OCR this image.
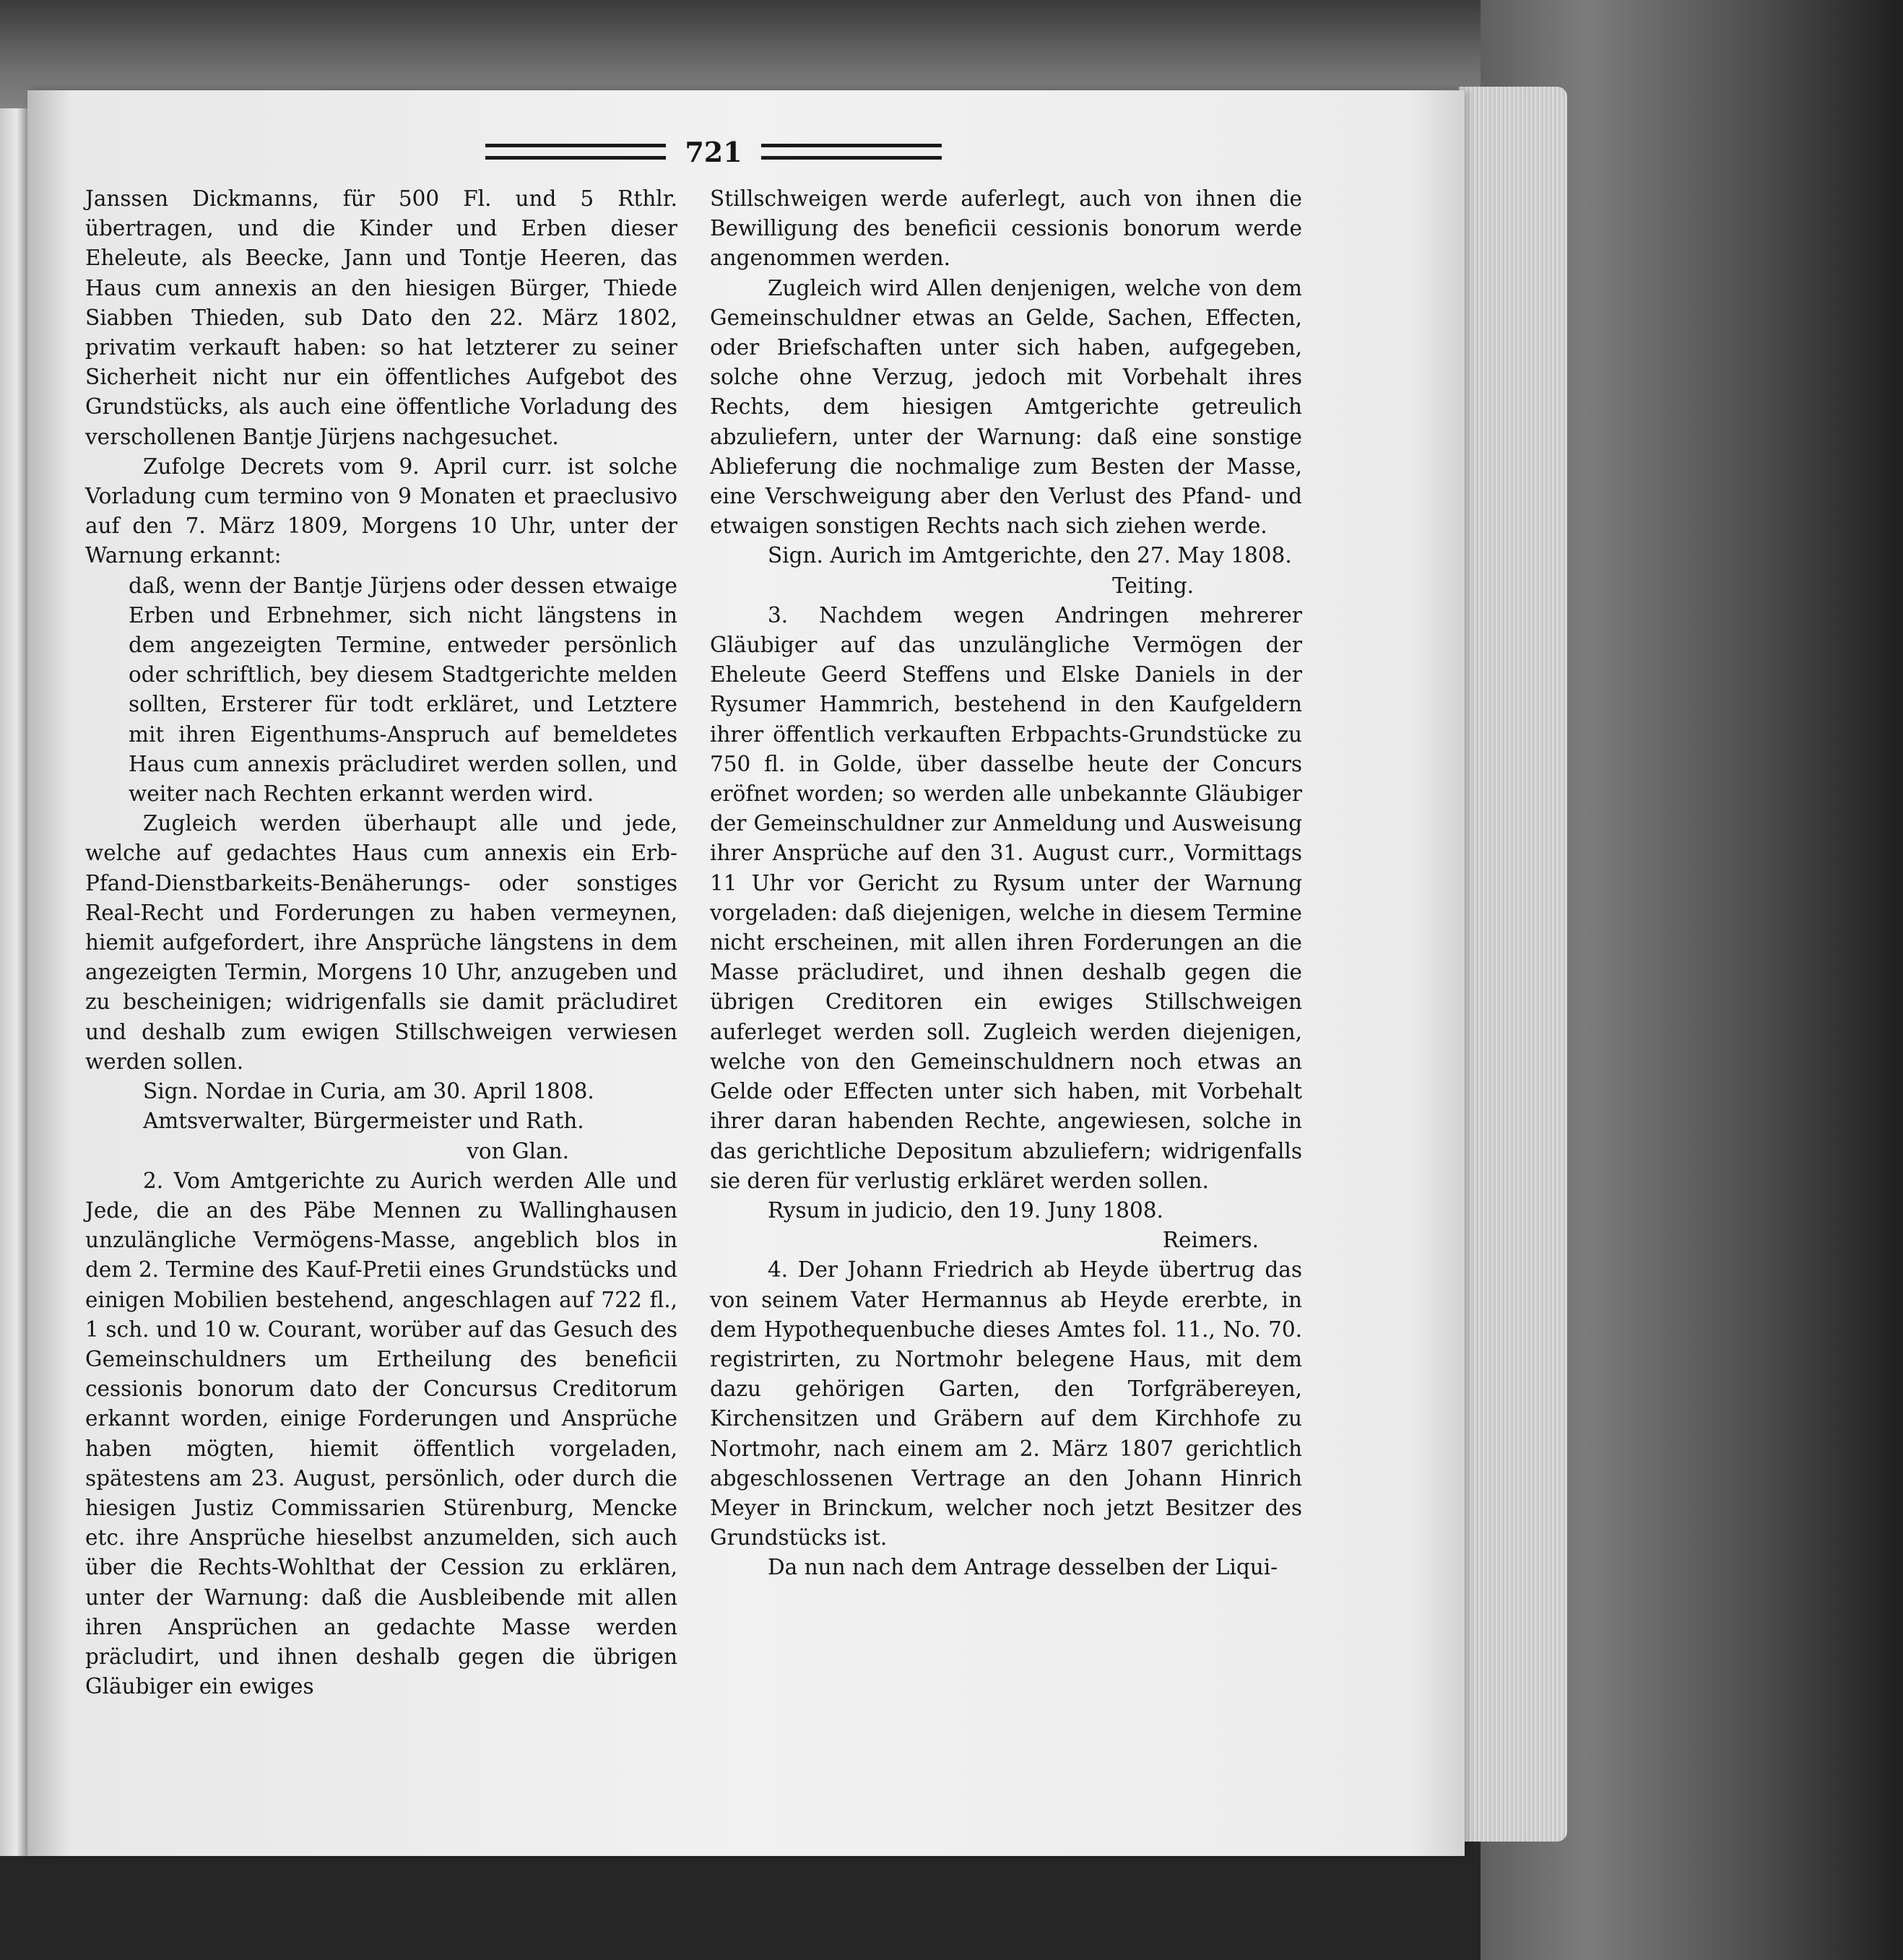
721

Janssen Dickmanns, für 500 Fl. und 5 Rthlr. übertragen, und die Kinder und Erben dieser Eheleute, als Beecke, Jann und Tontje Heeren, das Haus cum annexis an den hiesigen Bürger, Thiede Siabben Thieden, sub Dato den 22. März 1802, privatim verkauft haben: so hat letzterer zu seiner Sicherheit nicht nur ein öffentliches Aufgebot des Grundstücks, als auch eine öffentliche Vorladung des verschollenen Bantje Jürjens nachgesuchet.

Zufolge Decrets vom 9. April curr. ist solche Vorladung cum termino von 9 Monaten et praeclusivo auf den 7. März 1809, Morgens 10 Uhr, unter der Warnung erkannt:

daß, wenn der Bantje Jürjens oder dessen etwaige Erben und Erbnehmer, sich nicht längstens in dem angezeigten Termine, entweder persönlich oder schriftlich, bey diesem Stadtgerichte melden sollten, Ersterer für todt erkläret, und Letztere mit ihren Eigenthums-Anspruch auf bemeldetes Haus cum annexis präcludiret werden sollen, und weiter nach Rechten erkannt werden wird.

Zugleich werden überhaupt alle und jede, welche auf gedachtes Haus cum annexis ein Erb-Pfand-Dienstbarkeits-Benäherungs- oder sonstiges Real-Recht und Forderungen zu haben vermeynen, hiemit aufgefordert, ihre Ansprüche längstens in dem angezeigten Termin, Morgens 10 Uhr, anzugeben und zu bescheinigen; widrigenfalls sie damit präcludiret und deshalb zum ewigen Stillschweigen verwiesen werden sollen.

Sign. Nordae in Curia, am 30. April 1808.

Amtsverwalter, Bürgermeister und Rath.

von Glan.

2. Vom Amtgerichte zu Aurich werden Alle und Jede, die an des Päbe Mennen zu Wallinghausen unzulängliche Vermögens-Masse, angeblich blos in dem 2. Termine des Kauf-Pretii eines Grundstücks und einigen Mobilien bestehend, angeschlagen auf 722 fl., 1 sch. und 10 w. Courant, worüber auf das Gesuch des Gemeinschuldners um Ertheilung des beneficii cessionis bonorum dato der Concursus Creditorum erkannt worden, einige Forderungen und Ansprüche haben mögten, hiemit öffentlich vorgeladen, spätestens am 23. August, persönlich, oder durch die hiesigen Justiz Commissarien Stürenburg, Mencke etc. ihre Ansprüche hieselbst anzumelden, sich auch über die Rechts-Wohlthat der Cession zu erklären, unter der Warnung: daß die Ausbleibende mit allen ihren Ansprüchen an gedachte Masse werden präcludirt, und ihnen deshalb gegen die übrigen Gläubiger ein ewiges

Stillschweigen werde auferlegt, auch von ihnen die Bewilligung des beneficii cessionis bonorum werde angenommen werden.

Zugleich wird Allen denjenigen, welche von dem Gemeinschuldner etwas an Gelde, Sachen, Effecten, oder Briefschaften unter sich haben, aufgegeben, solche ohne Verzug, jedoch mit Vorbehalt ihres Rechts, dem hiesigen Amtgerichte getreulich abzuliefern, unter der Warnung: daß eine sonstige Ablieferung die nochmalige zum Besten der Masse, eine Verschweigung aber den Verlust des Pfand- und etwaigen sonstigen Rechts nach sich ziehen werde.

Sign. Aurich im Amtgerichte, den 27. May 1808.

Teiting.

3. Nachdem wegen Andringen mehrerer Gläubiger auf das unzulängliche Vermögen der Eheleute Geerd Steffens und Elske Daniels in der Rysumer Hammrich, bestehend in den Kaufgeldern ihrer öffentlich verkauften Erbpachts-Grundstücke zu 750 fl. in Golde, über dasselbe heute der Concurs eröfnet worden; so werden alle unbekannte Gläubiger der Gemeinschuldner zur Anmeldung und Ausweisung ihrer Ansprüche auf den 31. August curr., Vormittags 11 Uhr vor Gericht zu Rysum unter der Warnung vorgeladen: daß diejenigen, welche in diesem Termine nicht erscheinen, mit allen ihren Forderungen an die Masse präcludiret, und ihnen deshalb gegen die übrigen Creditoren ein ewiges Stillschweigen auferleget werden soll. Zugleich werden diejenigen, welche von den Gemeinschuldnern noch etwas an Gelde oder Effecten unter sich haben, mit Vorbehalt ihrer daran habenden Rechte, angewiesen, solche in das gerichtliche Depositum abzuliefern; widrigenfalls sie deren für verlustig erkläret werden sollen.

Rysum in judicio, den 19. Juny 1808.

Reimers.

4. Der Johann Friedrich ab Heyde übertrug das von seinem Vater Hermannus ab Heyde ererbte, in dem Hypothequenbuche dieses Amtes fol. 11., No. 70. registrirten, zu Nortmohr belegene Haus, mit dem dazu gehörigen Garten, den Torfgräbereyen, Kirchensitzen und Gräbern auf dem Kirchhofe zu Nortmohr, nach einem am 2. März 1807 gerichtlich abgeschlossenen Vertrage an den Johann Hinrich Meyer in Brinckum, welcher noch jetzt Besitzer des Grundstücks ist.

Da nun nach dem Antrage desselben der Liqui-
